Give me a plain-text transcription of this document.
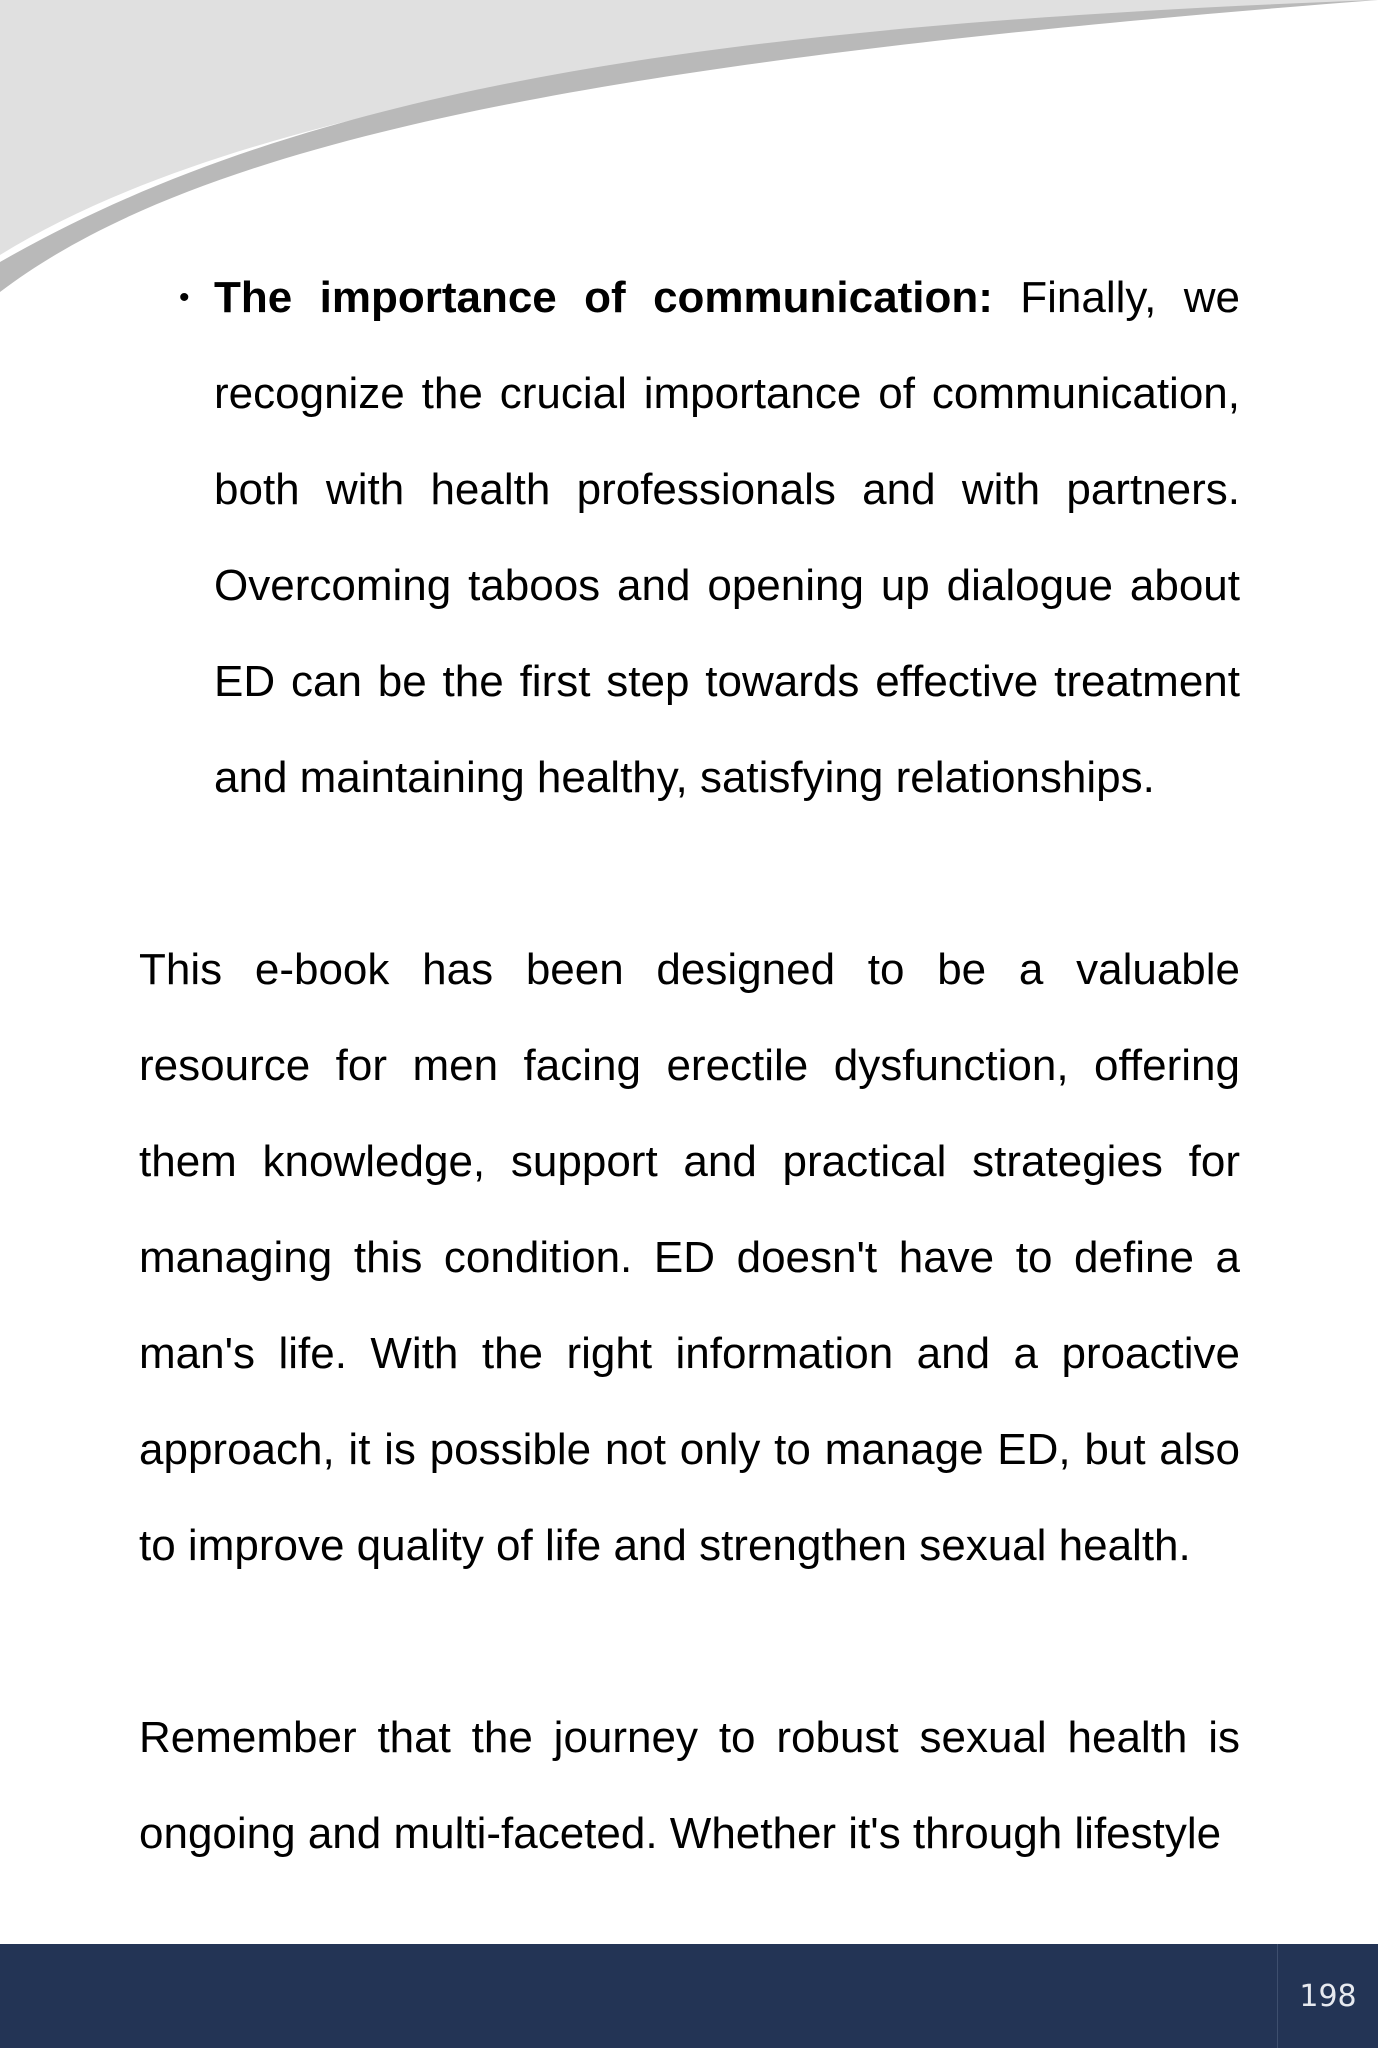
• The importance of communication: Finally, we recognize the crucial importance of communication, both with health professionals and with partners. Overcoming taboos and opening up dialogue about ED can be the first step towards effective treatment and maintaining healthy, satisfying relationships.

This e-book has been designed to be a valuable resource for men facing erectile dysfunction, offering them knowledge, support and practical strategies for managing this condition. ED doesn't have to define a man's life. With the right information and a proactive approach, it is possible not only to manage ED, but also to improve quality of life and strengthen sexual health.

Remember that the journey to robust sexual health is ongoing and multi-faceted. Whether it's through lifestyle

198
